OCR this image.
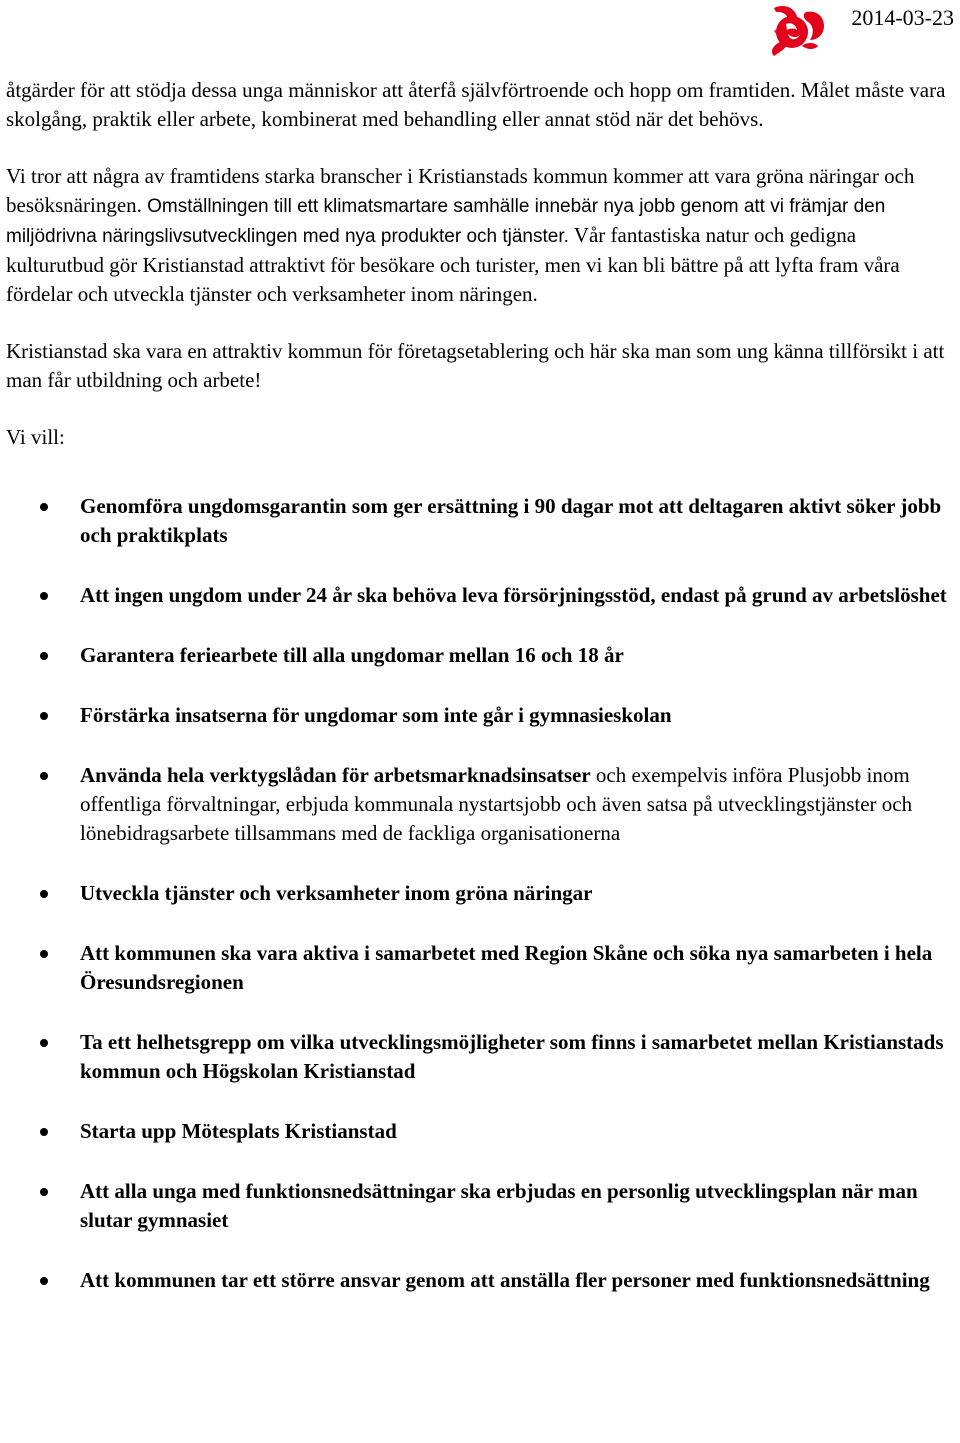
2014-03-23

åtgärder för att stödja dessa unga människor att återfå självförtroende och hopp om framtiden. Målet måste vara skolgång, praktik eller arbete, kombinerat med behandling eller annat stöd när det behövs.

Vi tror att några av framtidens starka branscher i Kristianstads kommun kommer att vara gröna näringar och besöksnäringen. Omställningen till ett klimatsmartare samhälle innebär nya jobb genom att vi främjar den miljödrivna näringslivsutvecklingen med nya produkter och tjänster. Vår fantastiska natur och gedigna kulturutbud gör Kristianstad attraktivt för besökare och turister, men vi kan bli bättre på att lyfta fram våra fördelar och utveckla tjänster och verksamheter inom näringen.

Kristianstad ska vara en attraktiv kommun för företagsetablering och här ska man som ung känna tillförsikt i att man får utbildning och arbete!

Vi vill:

Genomföra ungdomsgarantin som ger ersättning i 90 dagar mot att deltagaren aktivt söker jobb och praktikplats
Att ingen ungdom under 24 år ska behöva leva försörjningsstöd, endast på grund av arbetslöshet
Garantera feriearbete till alla ungdomar mellan 16 och 18 år
Förstärka insatserna för ungdomar som inte går i gymnasieskolan
Använda hela verktygslådan för arbetsmarknadsinsatser och exempelvis införa Plusjobb inom offentliga förvaltningar, erbjuda kommunala nystartsjobb och även satsa på utvecklingstjänster och lönebidragsarbete tillsammans med de fackliga organisationerna
Utveckla tjänster och verksamheter inom gröna näringar
Att kommunen ska vara aktiva i samarbetet med Region Skåne och söka nya samarbeten i hela Öresundsregionen
Ta ett helhetsgrepp om vilka utvecklingsmöjligheter som finns i samarbetet mellan Kristianstads kommun och Högskolan Kristianstad
Starta upp Mötesplats Kristianstad
Att alla unga med funktionsnedsättningar ska erbjudas en personlig utvecklingsplan när man slutar gymnasiet
Att kommunen tar ett större ansvar genom att anställa fler personer med funktionsnedsättning
